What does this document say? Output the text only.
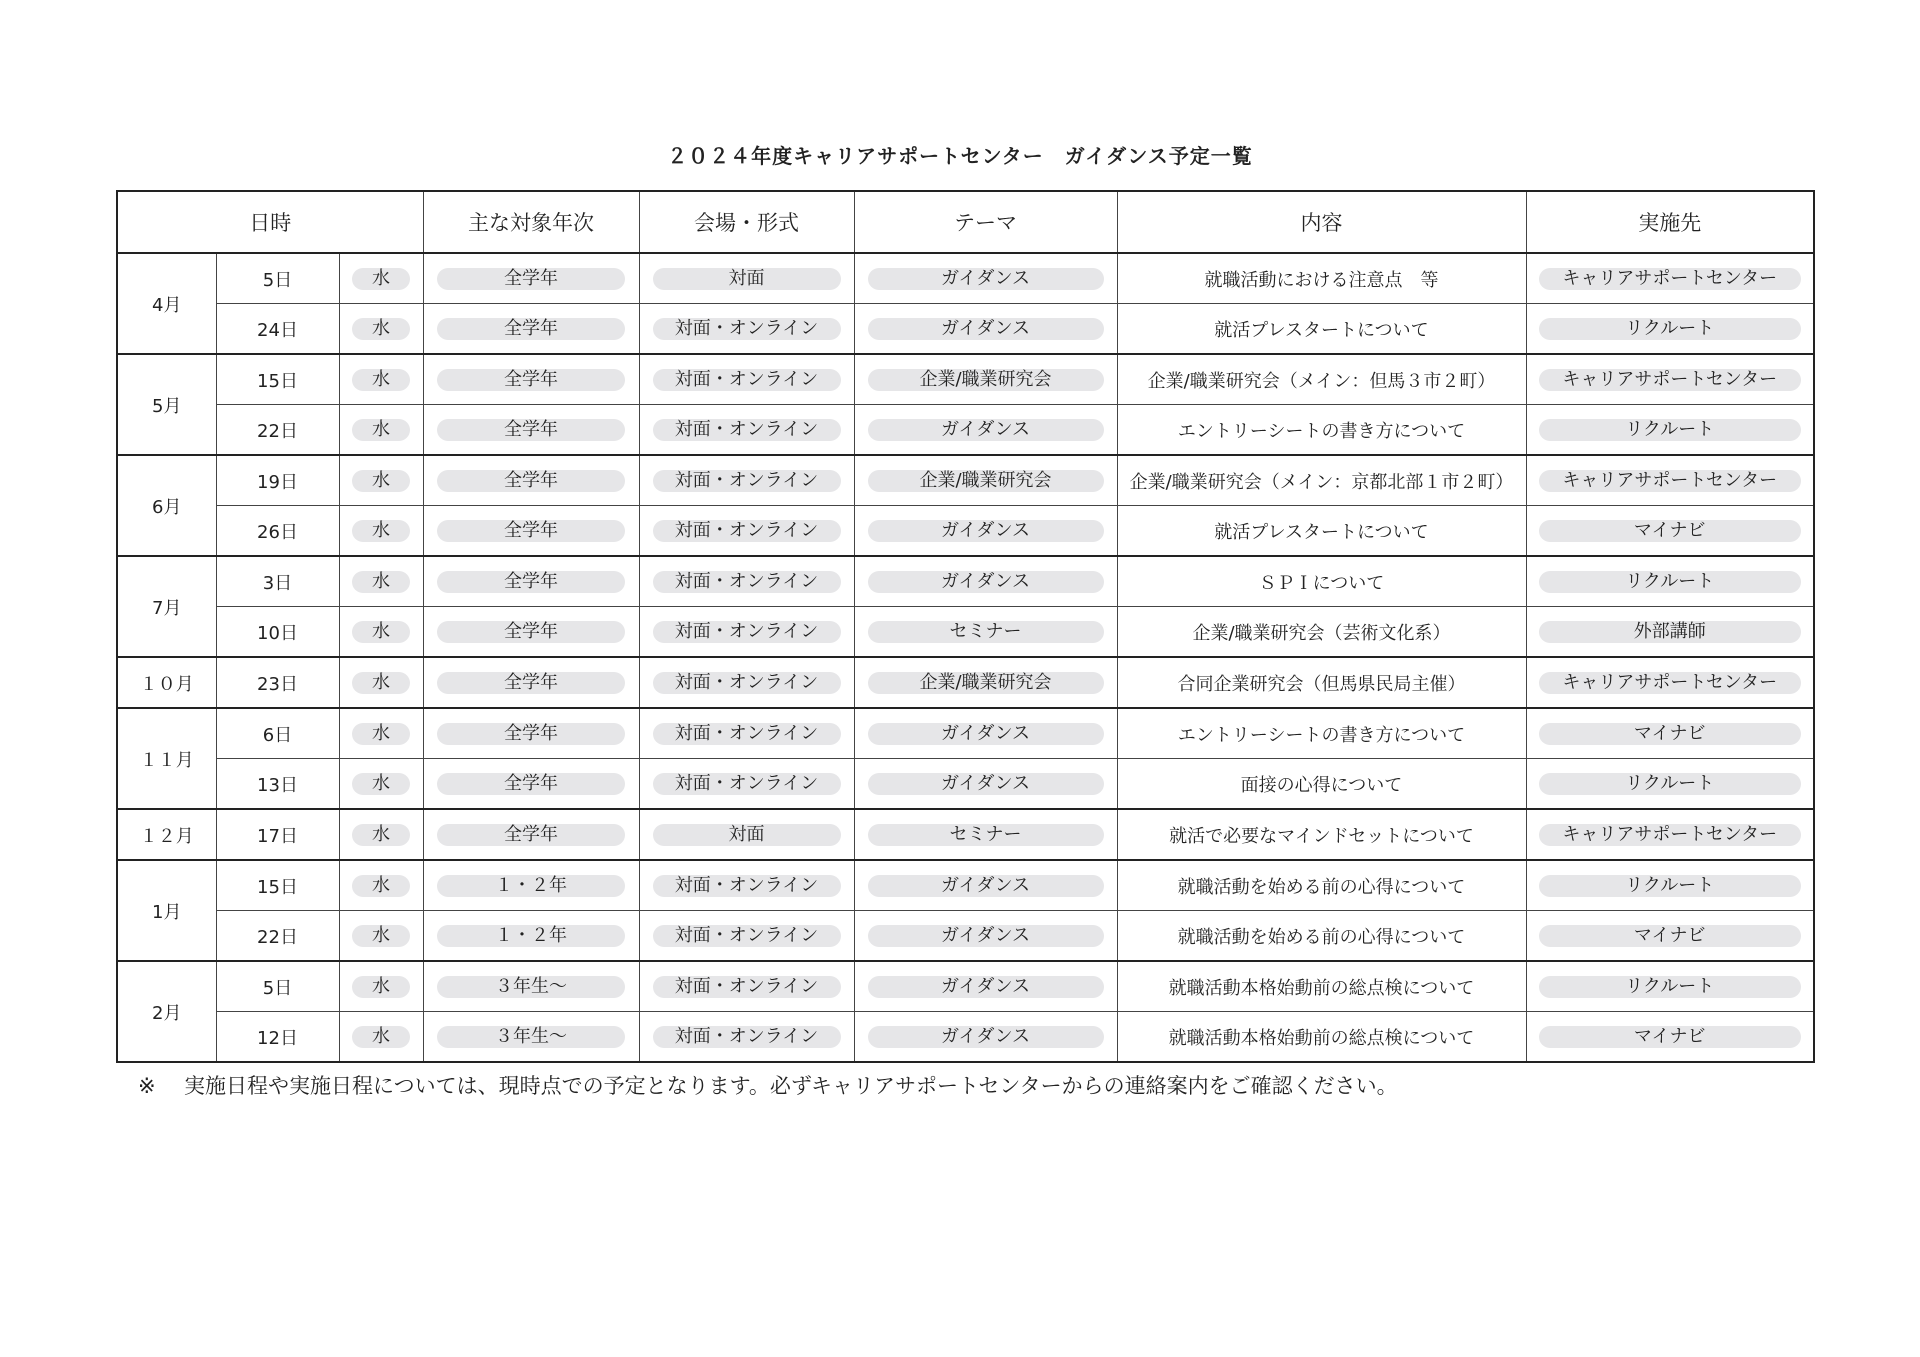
２０２４年度キャリアサポートセンター　ガイダンス予定一覧
日時			主な対象年次	会場・形式	テーマ	内容	実施先
4月	5日	水	全学年	対面	ガイダンス	就職活動における注意点　等	キャリアサポートセンター
	24日	水	全学年	対面・オンライン	ガイダンス	就活プレスタートについて	リクルート
5月	15日	水	全学年	対面・オンライン	企業/職業研究会	企業/職業研究会（メイン：但馬３市２町）	キャリアサポートセンター
	22日	水	全学年	対面・オンライン	ガイダンス	エントリーシートの書き方について	リクルート
6月	19日	水	全学年	対面・オンライン	企業/職業研究会	企業/職業研究会（メイン：京都北部１市２町）	キャリアサポートセンター
	26日	水	全学年	対面・オンライン	ガイダンス	就活プレスタートについて	マイナビ
7月	3日	水	全学年	対面・オンライン	ガイダンス	ＳＰＩについて	リクルート
	10日	水	全学年	対面・オンライン	セミナー	企業/職業研究会（芸術文化系）	外部講師
１０月	23日	水	全学年	対面・オンライン	企業/職業研究会	合同企業研究会（但馬県民局主催）	キャリアサポートセンター
１１月	6日	水	全学年	対面・オンライン	ガイダンス	エントリーシートの書き方について	マイナビ
	13日	水	全学年	対面・オンライン	ガイダンス	面接の心得について	リクルート
１２月	17日	水	全学年	対面	セミナー	就活で必要なマインドセットについて	キャリアサポートセンター
1月	15日	水	１・２年	対面・オンライン	ガイダンス	就職活動を始める前の心得について	リクルート
	22日	水	１・２年	対面・オンライン	ガイダンス	就職活動を始める前の心得について	マイナビ
2月	5日	水	３年生～	対面・オンライン	ガイダンス	就職活動本格始動前の総点検について	リクルート
	12日	水	３年生～	対面・オンライン	ガイダンス	就職活動本格始動前の総点検について	マイナビ
※ 実施日程や実施日程については、現時点での予定となります。必ずキャリアサポートセンターからの連絡案内をご確認ください。
